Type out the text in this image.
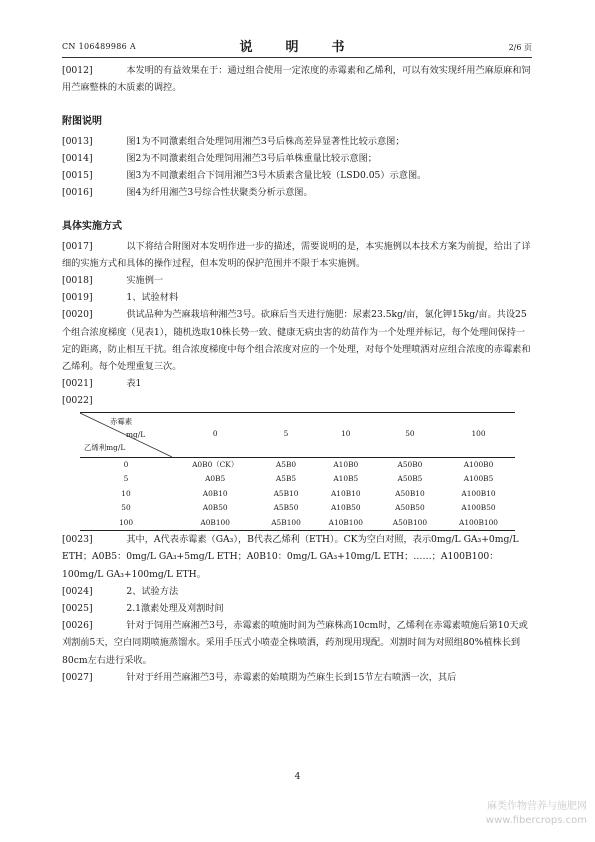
CN 106489986 A	说　明　书	2/6 页
[0012]　　本发明的有益效果在于：通过组合使用一定浓度的赤霉素和乙烯利，可以有效实现纤用苎麻原麻和饲用苎麻整株的木质素的调控。
附图说明
[0013]　　图1为不同激素组合处理饲用湘苎3号后株高差异显著性比较示意图；
[0014]　　图2为不同激素组合处理饲用湘苎3号后单株重量比较示意图；
[0015]　　图3为不同激素组合下饲用湘苎3号木质素含量比较（LSD0.05）示意图。
[0016]　　图4为纤用湘苎3号综合性状聚类分析示意图。
具体实施方式
[0017]　　以下将结合附图对本发明作进一步的描述，需要说明的是，本实施例以本技术方案为前提，给出了详细的实施方式和具体的操作过程，但本发明的保护范围并不限于本实施例。
[0018]　　实施例一
[0019]　　1、试验材料
[0020]　　供试品种为苎麻栽培种湘苎3号。砍麻后当天进行施肥：尿素23.5kg/亩，氯化钾15kg/亩。共设25个组合浓度梯度（见表1），随机选取10株长势一致、健康无病虫害的幼苗作为一个处理并标记，每个处理间保持一定的距离，防止相互干扰。组合浓度梯度中每个组合浓度对应的一个处理，对每个处理喷洒对应组合浓度的赤霉素和乙烯利。每个处理重复三次。
[0021]　　表1
[0022]
赤霉素
mg/L
乙烯利mg/L	0	5	10	50	100
0	A0B0（CK）	A5B0	A10B0	A50B0	A100B0
5	A0B5	A5B5	A10B5	A50B5	A100B5
10	A0B10	A5B10	A10B10	A50B10	A100B10
50	A0B50	A5B50	A10B50	A50B50	A100B50
100	A0B100	A5B100	A10B100	A50B100	A100B100
[0023]　　其中，A代表赤霉素（GA₃），B代表乙烯利（ETH）。CK为空白对照，表示0mg/L GA₃+0mg/L ETH；A0B5：0mg/L GA₃+5mg/L ETH；A0B10：0mg/L GA₃+10mg/L ETH；……；A100B100：100mg/L GA₃+100mg/L ETH。
[0024]　　2、试验方法
[0025]　　2.1激素处理及刈割时间
[0026]　　针对于饲用苎麻湘苎3号，赤霉素的喷施时间为苎麻株高10cm时，乙烯利在赤霉素喷施后第10天或刈割前5天，空白同期喷施蒸馏水。采用手压式小喷壶全株喷洒，药剂现用现配。刈割时间为对照组80%植株长到80cm左右进行采收。
[0027]　　针对于纤用苎麻湘苎3号，赤霉素的始喷期为苎麻生长到15节左右喷洒一次，其后
4
麻类作物营养与施肥网
www.fibercrops.com
